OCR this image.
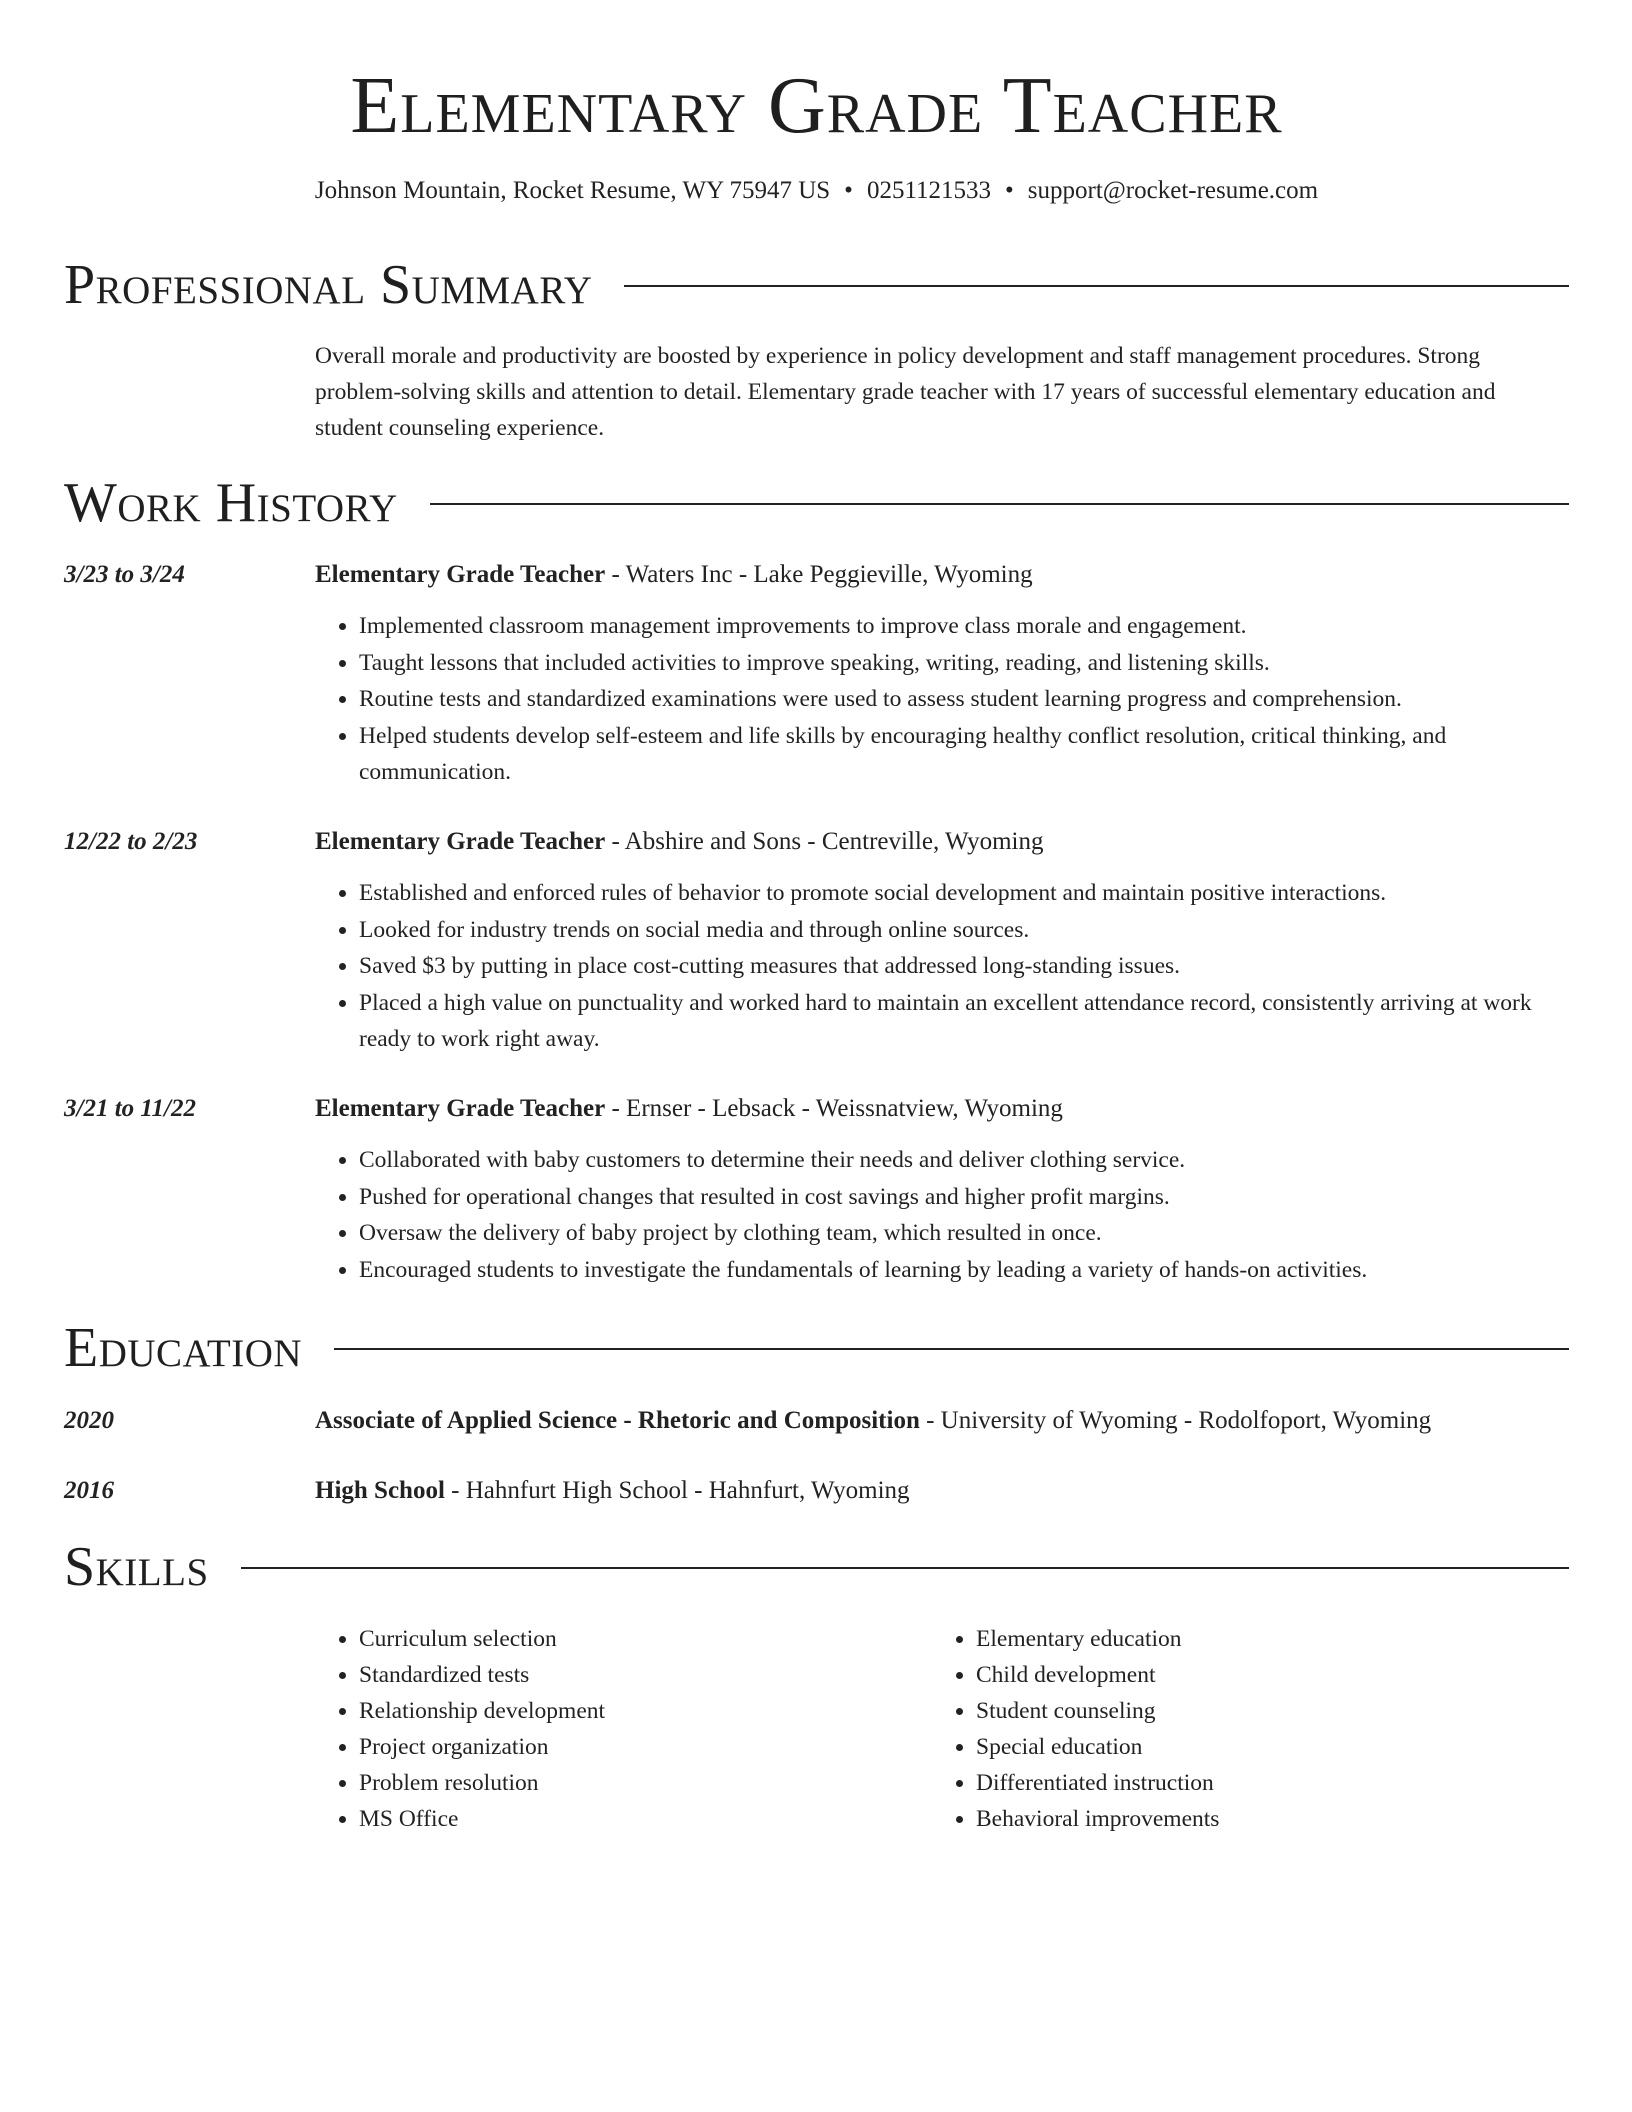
Elementary Grade Teacher
Johnson Mountain, Rocket Resume, WY 75947 US • 0251121533 • support@rocket-resume.com
Professional Summary
Overall morale and productivity are boosted by experience in policy development and staff management procedures. Strong problem-solving skills and attention to detail. Elementary grade teacher with 17 years of successful elementary education and student counseling experience.
Work History
3/23 to 3/24	Elementary Grade Teacher - Waters Inc - Lake Peggieville, Wyoming
• Implemented classroom management improvements to improve class morale and engagement.
• Taught lessons that included activities to improve speaking, writing, reading, and listening skills.
• Routine tests and standardized examinations were used to assess student learning progress and comprehension.
• Helped students develop self-esteem and life skills by encouraging healthy conflict resolution, critical thinking, and communication.
12/22 to 2/23	Elementary Grade Teacher - Abshire and Sons - Centreville, Wyoming
• Established and enforced rules of behavior to promote social development and maintain positive interactions.
• Looked for industry trends on social media and through online sources.
• Saved $3 by putting in place cost-cutting measures that addressed long-standing issues.
• Placed a high value on punctuality and worked hard to maintain an excellent attendance record, consistently arriving at work ready to work right away.
3/21 to 11/22	Elementary Grade Teacher - Ernser - Lebsack - Weissnatview, Wyoming
• Collaborated with baby customers to determine their needs and deliver clothing service.
• Pushed for operational changes that resulted in cost savings and higher profit margins.
• Oversaw the delivery of baby project by clothing team, which resulted in once.
• Encouraged students to investigate the fundamentals of learning by leading a variety of hands-on activities.
Education
2020	Associate of Applied Science - Rhetoric and Composition - University of Wyoming - Rodolfoport, Wyoming
2016	High School - Hahnfurt High School - Hahnfurt, Wyoming
Skills
• Curriculum selection
• Standardized tests
• Relationship development
• Project organization
• Problem resolution
• MS Office
• Elementary education
• Child development
• Student counseling
• Special education
• Differentiated instruction
• Behavioral improvements
